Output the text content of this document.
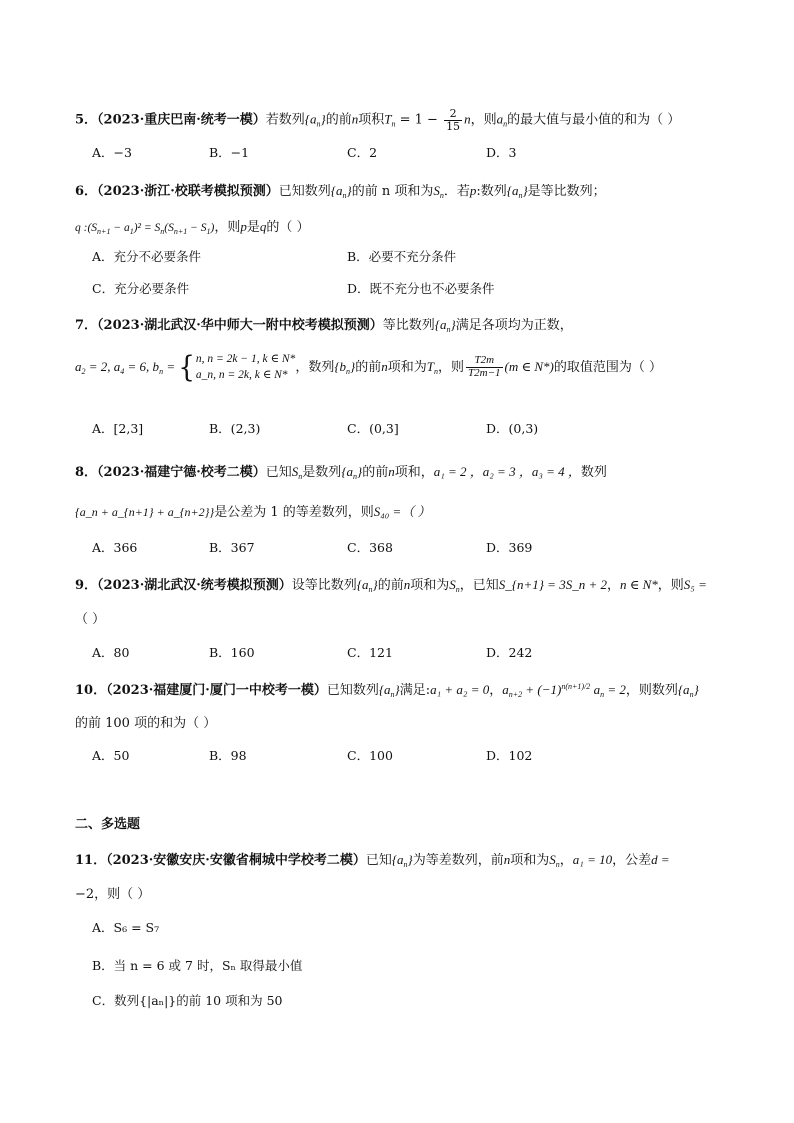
5．（2023·重庆巴南·统考一模）若数列$\{a_n\}$的前n项积$T_n = 1 - \frac{2}{15}$ n，则$a_n$的最大值与最小值的和为（ ）
A．−3	B．−1	C．2	D．3
6．（2023·浙江·校联考模拟预测）已知数列$\{a_n\}$的前 n 项和为$S_n$．若p:数列$\{a_n\}$是等比数列；
q $:(S_{n+1} - a_1)^2 = S_n(S_{n+1} - S_1)$，则p是q的（ ）
A．充分不必要条件	B．必要不充分条件
C．充分必要条件	D．既不充分也不必要条件
7．（2023·湖北武汉·华中师大一附中校考模拟预测）等比数列$\{a_n\}$满足各项均为正数，
$a_2 = 2$, $a_4 = 6$, $b_n$ = { n, n = 2k − 1, k ∈ N*
a_n, n = 2k, k ∈ N* ，数列$\{b_n\}$的前n项和为$T_n$，则 $\frac{T2m}{T2m-1} (m$ ∈ N*)的取值范围为（ ）
A．[2,3]	B．(2,3)	C．(0,3]	D．(0,3)
8．（2023·福建宁德·校考二模）已知$S_n$是数列$\{a_n\}$的前n项和，a₁ = 2 ，a₂ = 3 ，a₃ = 4 ，数列
{a_n + a_{n+1} + a_{n+2}}是公差为 1 的等差数列，则S₄₀ =（ ）
A．366	B．367	C．368	D．369
9．（2023·湖北武汉·统考模拟预测）设等比数列$\{a_n\}$的前n项和为$S_n$，已知S_{n+1} = 3S_n + 2，n ∈ N*，则S₅ =
（ ）
A．80	B．160	C．121	D．242
10．（2023·福建厦门·厦门一中校考一模）已知数列$\{a_n\}$满足:a₁ + a₂ = 0，$a_{n+2} + (-1)^{n(n+1)/2}$ $a_n = 2$，则数列$\{a_n\}$
的前 100 项的和为（ ）
A．50	B．98	C．100	D．102
二、多选题
11．（2023·安徽安庆·安徽省桐城中学校考二模）已知$\{a_n\}$为等差数列，前n项和为$S_n$，a₁ = 10，公差d =
−2，则（ ）
A．S₆ = S₇
B．当 n = 6 或 7 时，Sₙ 取得最小值
C．数列{|aₙ|}的前 10 项和为 50
